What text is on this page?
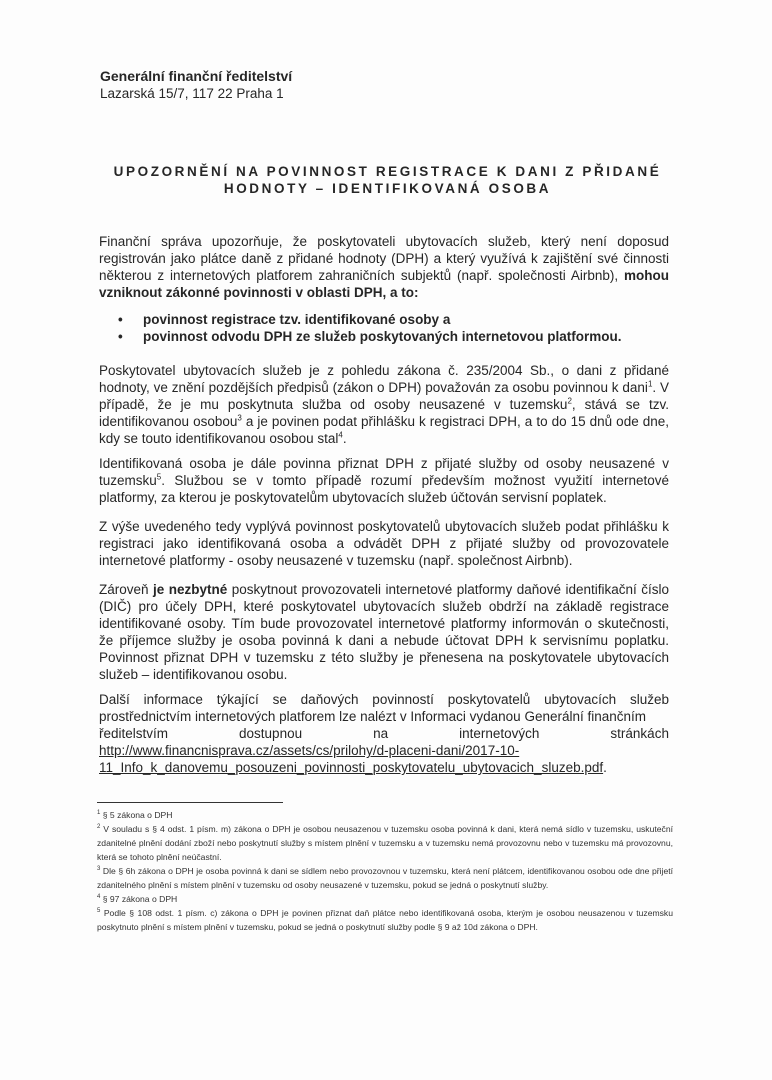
Generální finanční ředitelství
Lazarská 15/7, 117 22 Praha 1
UPOZORNĚNÍ NA POVINNOST REGISTRACE K DANI Z PŘIDANÉ HODNOTY – IDENTIFIKOVANÁ OSOBA

Finanční správa upozorňuje, že poskytovateli ubytovacích služeb, který není doposud registrován jako plátce daně z přidané hodnoty (DPH) a který využívá k zajištění své činnosti některou z internetových platforem zahraničních subjektů (např. společnosti Airbnb), mohou vzniknout zákonné povinnosti v oblasti DPH, a to:

• povinnost registrace tzv. identifikované osoby a
• povinnost odvodu DPH ze služeb poskytovaných internetovou platformou.

Poskytovatel ubytovacích služeb je z pohledu zákona č. 235/2004 Sb., o dani z přidané hodnoty, ve znění pozdějších předpisů (zákon o DPH) považován za osobu povinnou k dani$^1$. V případě, že je mu poskytnuta služba od osoby neusazené v tuzemsku$^2$, stává se tzv. identifikovanou osobou$^3$ a je povinen podat přihlášku k registraci DPH, a to do 15 dnů ode dne, kdy se touto identifikovanou osobou stal$^4$.

Identifikovaná osoba je dále povinna přiznat DPH z přijaté služby od osoby neusazené v tuzemsku$^5$. Službou se v tomto případě rozumí především možnost využití internetové platformy, za kterou je poskytovatelům ubytovacích služeb účtován servisní poplatek.

Z výše uvedeného tedy vyplývá povinnost poskytovatelů ubytovacích služeb podat přihlášku k registraci jako identifikovaná osoba a odvádět DPH z přijaté služby od provozovatele internetové platformy - osoby neusazené v tuzemsku (např. společnost Airbnb).

Zároveň je nezbytné poskytnout provozovateli internetové platformy daňové identifikační číslo (DIČ) pro účely DPH, které poskytovatel ubytovacích služeb obdrží na základě registrace identifikované osoby. Tím bude provozovatel internetové platformy informován o skutečnosti, že příjemce služby je osoba povinná k dani a nebude účtovat DPH k servisnímu poplatku. Povinnost přiznat DPH v tuzemsku z této služby je přenesena na poskytovatele ubytovacích služeb – identifikovanou osobu.

Další informace týkající se daňových povinností poskytovatelů ubytovacích služeb prostřednictvím internetových platforem lze nalézt v Informaci vydanou Generální finančním

ředitelstvím	dostupnou	na	internetových	stránkách
http://www.financnisprava.cz/assets/cs/prilohy/d-placeni-dani/2017-10-
11_Info_k_danovemu_posouzeni_povinnosti_poskytovatelu_ubytovacich_sluzeb.pdf.
$^1$ § 5 zákona o DPH
$^2$ V souladu s § 4 odst. 1 písm. m) zákona o DPH je osobou neusazenou v tuzemsku osoba povinná k dani, která nemá sídlo v tuzemsku, uskuteční zdanitelné plnění dodání zboží nebo poskytnutí služby s místem plnění v tuzemsku a v tuzemsku nemá provozovnu nebo v tuzemsku má provozovnu, která se tohoto plnění neúčastní.
$^3$ Dle § 6h zákona o DPH je osoba povinná k dani se sídlem nebo provozovnou v tuzemsku, která není plátcem, identifikovanou osobou ode dne přijetí zdanitelného plnění s místem plnění v tuzemsku od osoby neusazené v tuzemsku, pokud se jedná o poskytnutí služby.
$^4$ § 97 zákona o DPH
$^5$ Podle § 108 odst. 1 písm. c) zákona o DPH je povinen přiznat daň plátce nebo identifikovaná osoba, kterým je osobou neusazenou v tuzemsku poskytnuto plnění s místem plnění v tuzemsku, pokud se jedná o poskytnutí služby podle § 9 až 10d zákona o DPH.
